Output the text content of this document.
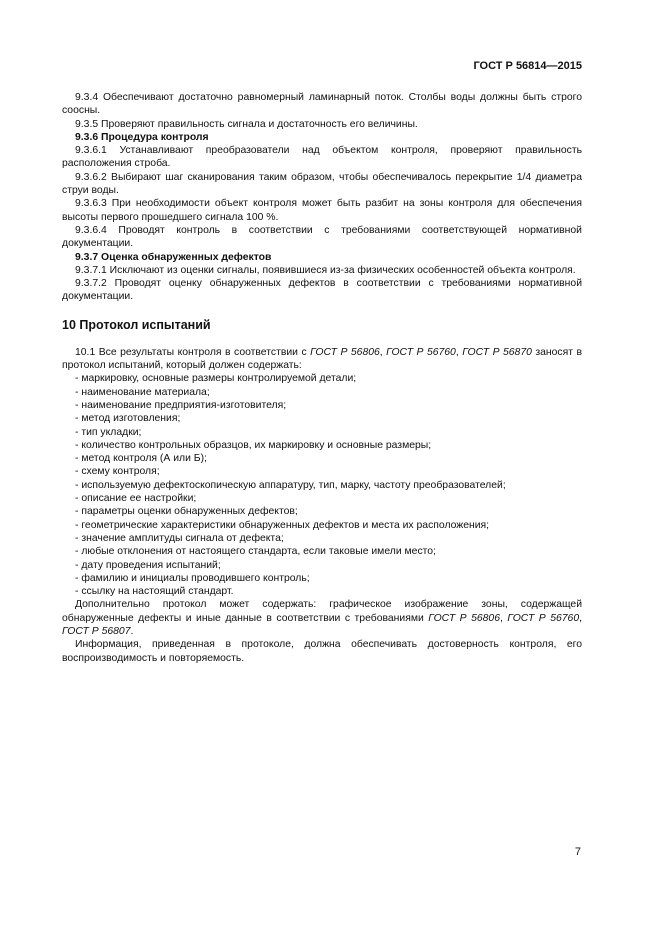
ГОСТ Р 56814—2015

9.3.4 Обеспечивают достаточно равномерный ламинарный поток. Столбы воды должны быть строго соосны.

9.3.5 Проверяют правильность сигнала и достаточность его величины.

9.3.6 Процедура контроля

9.3.6.1 Устанавливают преобразователи над объектом контроля, проверяют правильность расположения строба.

9.3.6.2 Выбирают шаг сканирования таким образом, чтобы обеспечивалось перекрытие 1/4 диаметра струи воды.

9.3.6.3 При необходимости объект контроля может быть разбит на зоны контроля для обеспечения высоты первого прошедшего сигнала 100 %.

9.3.6.4 Проводят контроль в соответствии с требованиями соответствующей нормативной документации.

9.3.7 Оценка обнаруженных дефектов

9.3.7.1 Исключают из оценки сигналы, появившиеся из-за физических особенностей объекта контроля.

9.3.7.2 Проводят оценку обнаруженных дефектов в соответствии с требованиями нормативной документации.

10 Протокол испытаний

10.1 Все результаты контроля в соответствии с ГОСТ Р 56806, ГОСТ Р 56760, ГОСТ Р 56870 заносят в протокол испытаний, который должен содержать:

- маркировку, основные размеры контролируемой детали;
- наименование материала;
- наименование предприятия-изготовителя;
- метод изготовления;
- тип укладки;
- количество контрольных образцов, их маркировку и основные размеры;
- метод контроля (А или Б);
- схему контроля;
- используемую дефектоскопическую аппаратуру, тип, марку, частоту преобразователей;
- описание ее настройки;
- параметры оценки обнаруженных дефектов;
- геометрические характеристики обнаруженных дефектов и места их расположения;
- значение амплитуды сигнала от дефекта;
- любые отклонения от настоящего стандарта, если таковые имели место;
- дату проведения испытаний;
- фамилию и инициалы проводившего контроль;
- ссылку на настоящий стандарт.

Дополнительно протокол может содержать: графическое изображение зоны, содержащей обнаруженные дефекты и иные данные в соответствии с требованиями ГОСТ Р 56806, ГОСТ Р 56760, ГОСТ Р 56807.

Информация, приведенная в протоколе, должна обеспечивать достоверность контроля, его воспроизводимость и повторяемость.

7
